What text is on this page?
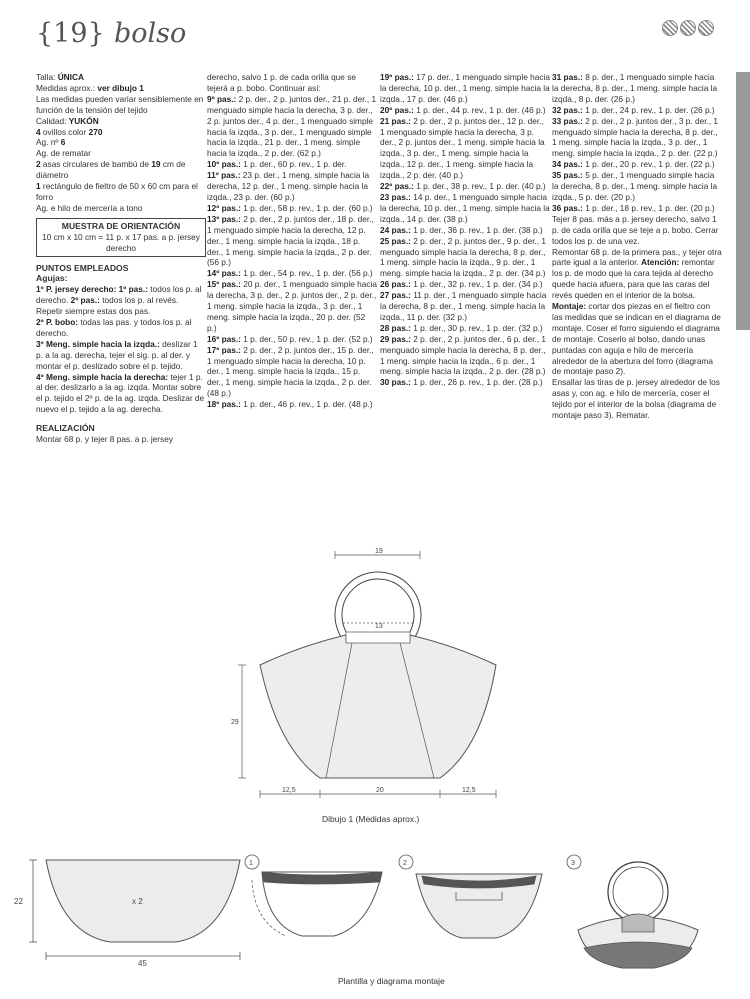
{19} bolso

Talla: ÚNICA

Medidas aprox.: ver dibujo 1

Las medidas pueden variar sensiblemente en función de la tensión del tejido

Calidad: YUKÓN

4 ovillos color 270

Ag. nº 6

Ag. de rematar

2 asas circulares de bambú de 19 cm de diámetro

1 rectángulo de fieltro de 50 x 60 cm para el forro

Ag. e hilo de mercería a tono

MUESTRA DE ORIENTACIÓN
10 cm x 10 cm = 11 p. x 17 pas. a p. jersey derecho

PUNTOS EMPLEADOS

Agujas:

1º P. jersey derecho: 1º pas.: todos los p. al derecho. 2º pas.: todos los p. al revés. Repetir siempre estas dos pas.

2º P. bobo: todas las pas. y todos los p. al derecho.

3º Meng. simple hacia la izqda.: deslizar 1 p. a la ag. derecha, tejer el sig. p. al der. y montar el p. deslizado sobre el p. tejido.

4º Meng. simple hacia la derecha: tejer 1 p. al der. deslizarlo a la ag. izqda. Montar sobre el p. tejido el 2º p. de la ag. izqda. Deslizar de nuevo el p. tejido a la ag. derecha.

REALIZACIÓN

Montar 68 p. y tejer 8 pas. a p. jersey

derecho, salvo 1 p. de cada orilla que se tejerá a p. bobo. Continuar así:

9º pas.: 2 p. der., 2 p. juntos der., 21 p. der., 1 menguado simple hacia la derecha, 3 p. der., 2 p. juntos der., 4 p. der., 1 menguado simple hacia la izqda., 3 p. der., 1 menguado simple hacia la izqda., 21 p. der., 1 meng. simple hacia la izqda., 2 p. der. (62 p.)

10º pas.: 1 p. der., 60 p. rev., 1 p. der.

11º pas.: 23 p. der., 1 meng. simple hacia la derecha, 12 p. der., 1 meng. simple hacia la izqda., 23 p. der. (60 p.)

12º pas.: 1 p. der., 58 p. rev., 1 p. der. (60 p.)

13º pas.: 2 p. der., 2 p. juntos der., 18 p. der., 1 menguado simple hacia la derecha, 12 p. der., 1 meng. simple hacia la izqda., 18 p. der., 1 meng. simple hacia la izqda., 2 p. der. (56 p.)

14º pas.: 1 p. der., 54 p. rev., 1 p. der. (56 p.)

15º pas.: 20 p. der., 1 menguado simple hacia la derecha, 3 p. der., 2 p. juntos der., 2 p. der., 1 meng. simple hacia la izqda., 3 p. der., 1 meng. simple hacia la izqda., 20 p. der. (52 p.)

16º pas.: 1 p. der., 50 p. rev., 1 p. der. (52 p.)

17º pas.: 2 p. der., 2 p. juntos der., 15 p. der., 1 menguado simple hacia la derecha, 10 p. der., 1 meng. simple hacia la izqda., 15 p. der., 1 meng. simple hacia la izqda., 2 p. der. (48 p.)

18º pas.: 1 p. der., 46 p. rev., 1 p. der. (48 p.)

19º pas.: 17 p. der., 1 menguado simple hacia la derecha, 10 p. der., 1 meng. simple hacia la izqda., 17 p. der. (46 p.)

20º pas.: 1 p. der., 44 p. rev., 1 p. der. (46 p.)

21 pas.: 2 p. der., 2 p. juntos der., 12 p. der., 1 menguado simple hacia la derecha, 3 p. der., 2 p. juntos der., 1 meng. simple hacia la izqda., 3 p. der., 1 meng. simple hacia la izqda., 12 p. der., 1 meng. simple hacia la izqda., 2 p. der. (40 p.)

22º pas.: 1 p. der., 38 p. rev., 1 p. der. (40 p.)

23 pas.: 14 p. der., 1 menguado simple hacia la derecha, 10 p. der., 1 meng. simple hacia la izqda., 14 p. der. (38 p.)

24 pas.: 1 p. der., 36 p. rev., 1 p. der. (38 p.)

25 pas.: 2 p. der., 2 p. juntos der., 9 p. der., 1 menguado simple hacia la derecha, 8 p. der., 1 meng. simple hacia la izqda., 9 p. der., 1 meng. simple hacia la izqda., 2 p. der. (34 p.)

26 pas.: 1 p. der., 32 p. rev., 1 p. der. (34 p.)

27 pas.: 11 p. der., 1 menguado simple hacia la derecha, 8 p. der., 1 meng. simple hacia la izqda., 11 p. der. (32 p.)

28 pas.: 1 p. der., 30 p. rev., 1 p. der. (32 p.)

29 pas.: 2 p. der., 2 p. juntos der., 6 p. der., 1 menguado simple hacia la derecha, 8 p. der., 1 meng. simple hacia la izqda., 6 p. der., 1 meng. simple hacia la izqda., 2 p. der. (28 p.)

30 pas.: 1 p. der., 26 p. rev., 1 p. der. (28 p.)

31 pas.: 8 p. der., 1 menguado simple hacia la derecha, 8 p. der., 1 meng. simple hacia la izqda., 8 p. der. (26 p.)

32 pas.: 1 p. der., 24 p. rev., 1 p. der. (26 p.)

33 pas.: 2 p. der., 2 p. juntos der., 3 p. der., 1 menguado simple hacia la derecha, 8 p. der., 1 meng. simple hacia la izqda., 3 p. der., 1 meng. simple hacia la izqda., 2 p. der. (22 p.)

34 pas.: 1 p. der., 20 p. rev., 1 p. der. (22 p.)

35 pas.: 5 p. der., 1 menguado simple hacia la derecha, 8 p. der., 1 meng. simple hacia la izqda., 5 p. der. (20 p.)

36 pas.: 1 p. der., 18 p. rev., 1 p. der. (20 p.)

Tejer 8 pas. más a p. jersey derecho, salvo 1 p. de cada orilla que se teje a p. bobo. Cerrar todos los p. de una vez.

Remontar 68 p. de la primera pas., y tejer otra parte igual a la anterior. Atención: remontar los p. de modo que la cara tejida al derecho quede hacia afuera, para que las caras del revés queden en el interior de la bolsa.

Montaje: cortar dos piezas en el fieltro con las medidas que se indican en el diagrama de montaje. Coser el forro siguiendo el diagrama de montaje. Coserlo al bolso, dando unas puntadas con aguja e hilo de mercería alrededor de la abertura del forro (diagrama de montaje paso 2).

Ensallar las tiras de p. jersey alrededor de los asas y, con ag. e hilo de mercería, coser el tejido por el interior de la bolsa (diagrama de montaje paso 3). Rematar.

19
13
29
12,5	20	12,5
Dibujo 1 (Medidas aprox.)
22
45
x 2
1	2	3
Plantilla y diagrama montaje
